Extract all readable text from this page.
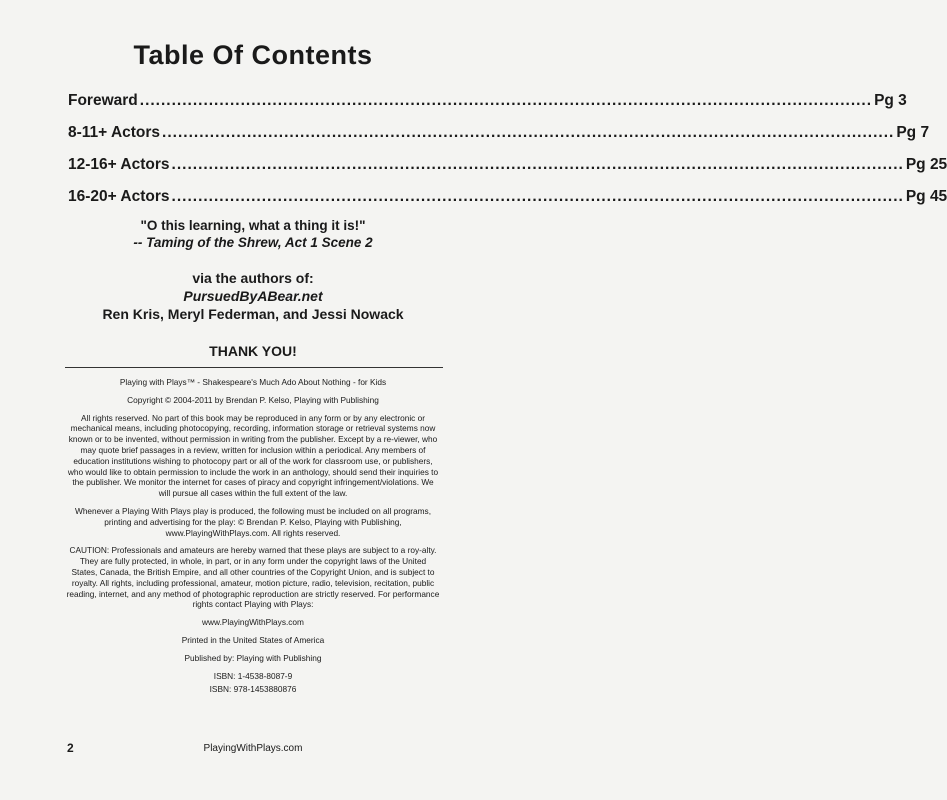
Table Of Contents
Foreward .......................................................................................................................................... Pg 3
8-11+ Actors .......................................................................................................................................... Pg 7
12-16+ Actors .......................................................................................................................................... Pg 25
16-20+ Actors .......................................................................................................................................... Pg 45
"O this learning, what a thing it is!"
-- Taming of the Shrew, Act 1 Scene 2
via the authors of:
PursuedByABear.net
Ren Kris, Meryl Federman, and Jessi Nowack
THANK YOU!

Playing with Plays™ - Shakespeare's Much Ado About Nothing - for Kids

Copyright © 2004-2011 by Brendan P. Kelso, Playing with Publishing

All rights reserved. No part of this book may be reproduced in any form or by any electronic or mechanical means, including photocopying, recording, information storage or retrieval systems now known or to be invented, without permission in writing from the publisher. Except by a re-viewer, who may quote brief passages in a review, written for inclusion within a periodical. Any members of education institutions wishing to photocopy part or all of the work for classroom use, or publishers, who would like to obtain permission to include the work in an anthology, should send their inquiries to the publisher. We monitor the internet for cases of piracy and copyright infringement/violations. We will pursue all cases within the full extent of the law.

Whenever a Playing With Plays play is produced, the following must be included on all programs, printing and advertising for the play: © Brendan P. Kelso, Playing with Publishing, www.PlayingWithPlays.com. All rights reserved.

CAUTION: Professionals and amateurs are hereby warned that these plays are subject to a roy-alty. They are fully protected, in whole, in part, or in any form under the copyright laws of the United States, Canada, the British Empire, and all other countries of the Copyright Union, and is subject to royalty. All rights, including professional, amateur, motion picture, radio, television, recitation, public reading, internet, and any method of photographic reproduction are strictly reserved. For performance rights contact Playing with Plays:

www.PlayingWithPlays.com

Printed in the United States of America

Published by: Playing with Publishing

ISBN: 1-4538-8087-9

ISBN: 978-1453880876

2	PlayingWithPlays.com
